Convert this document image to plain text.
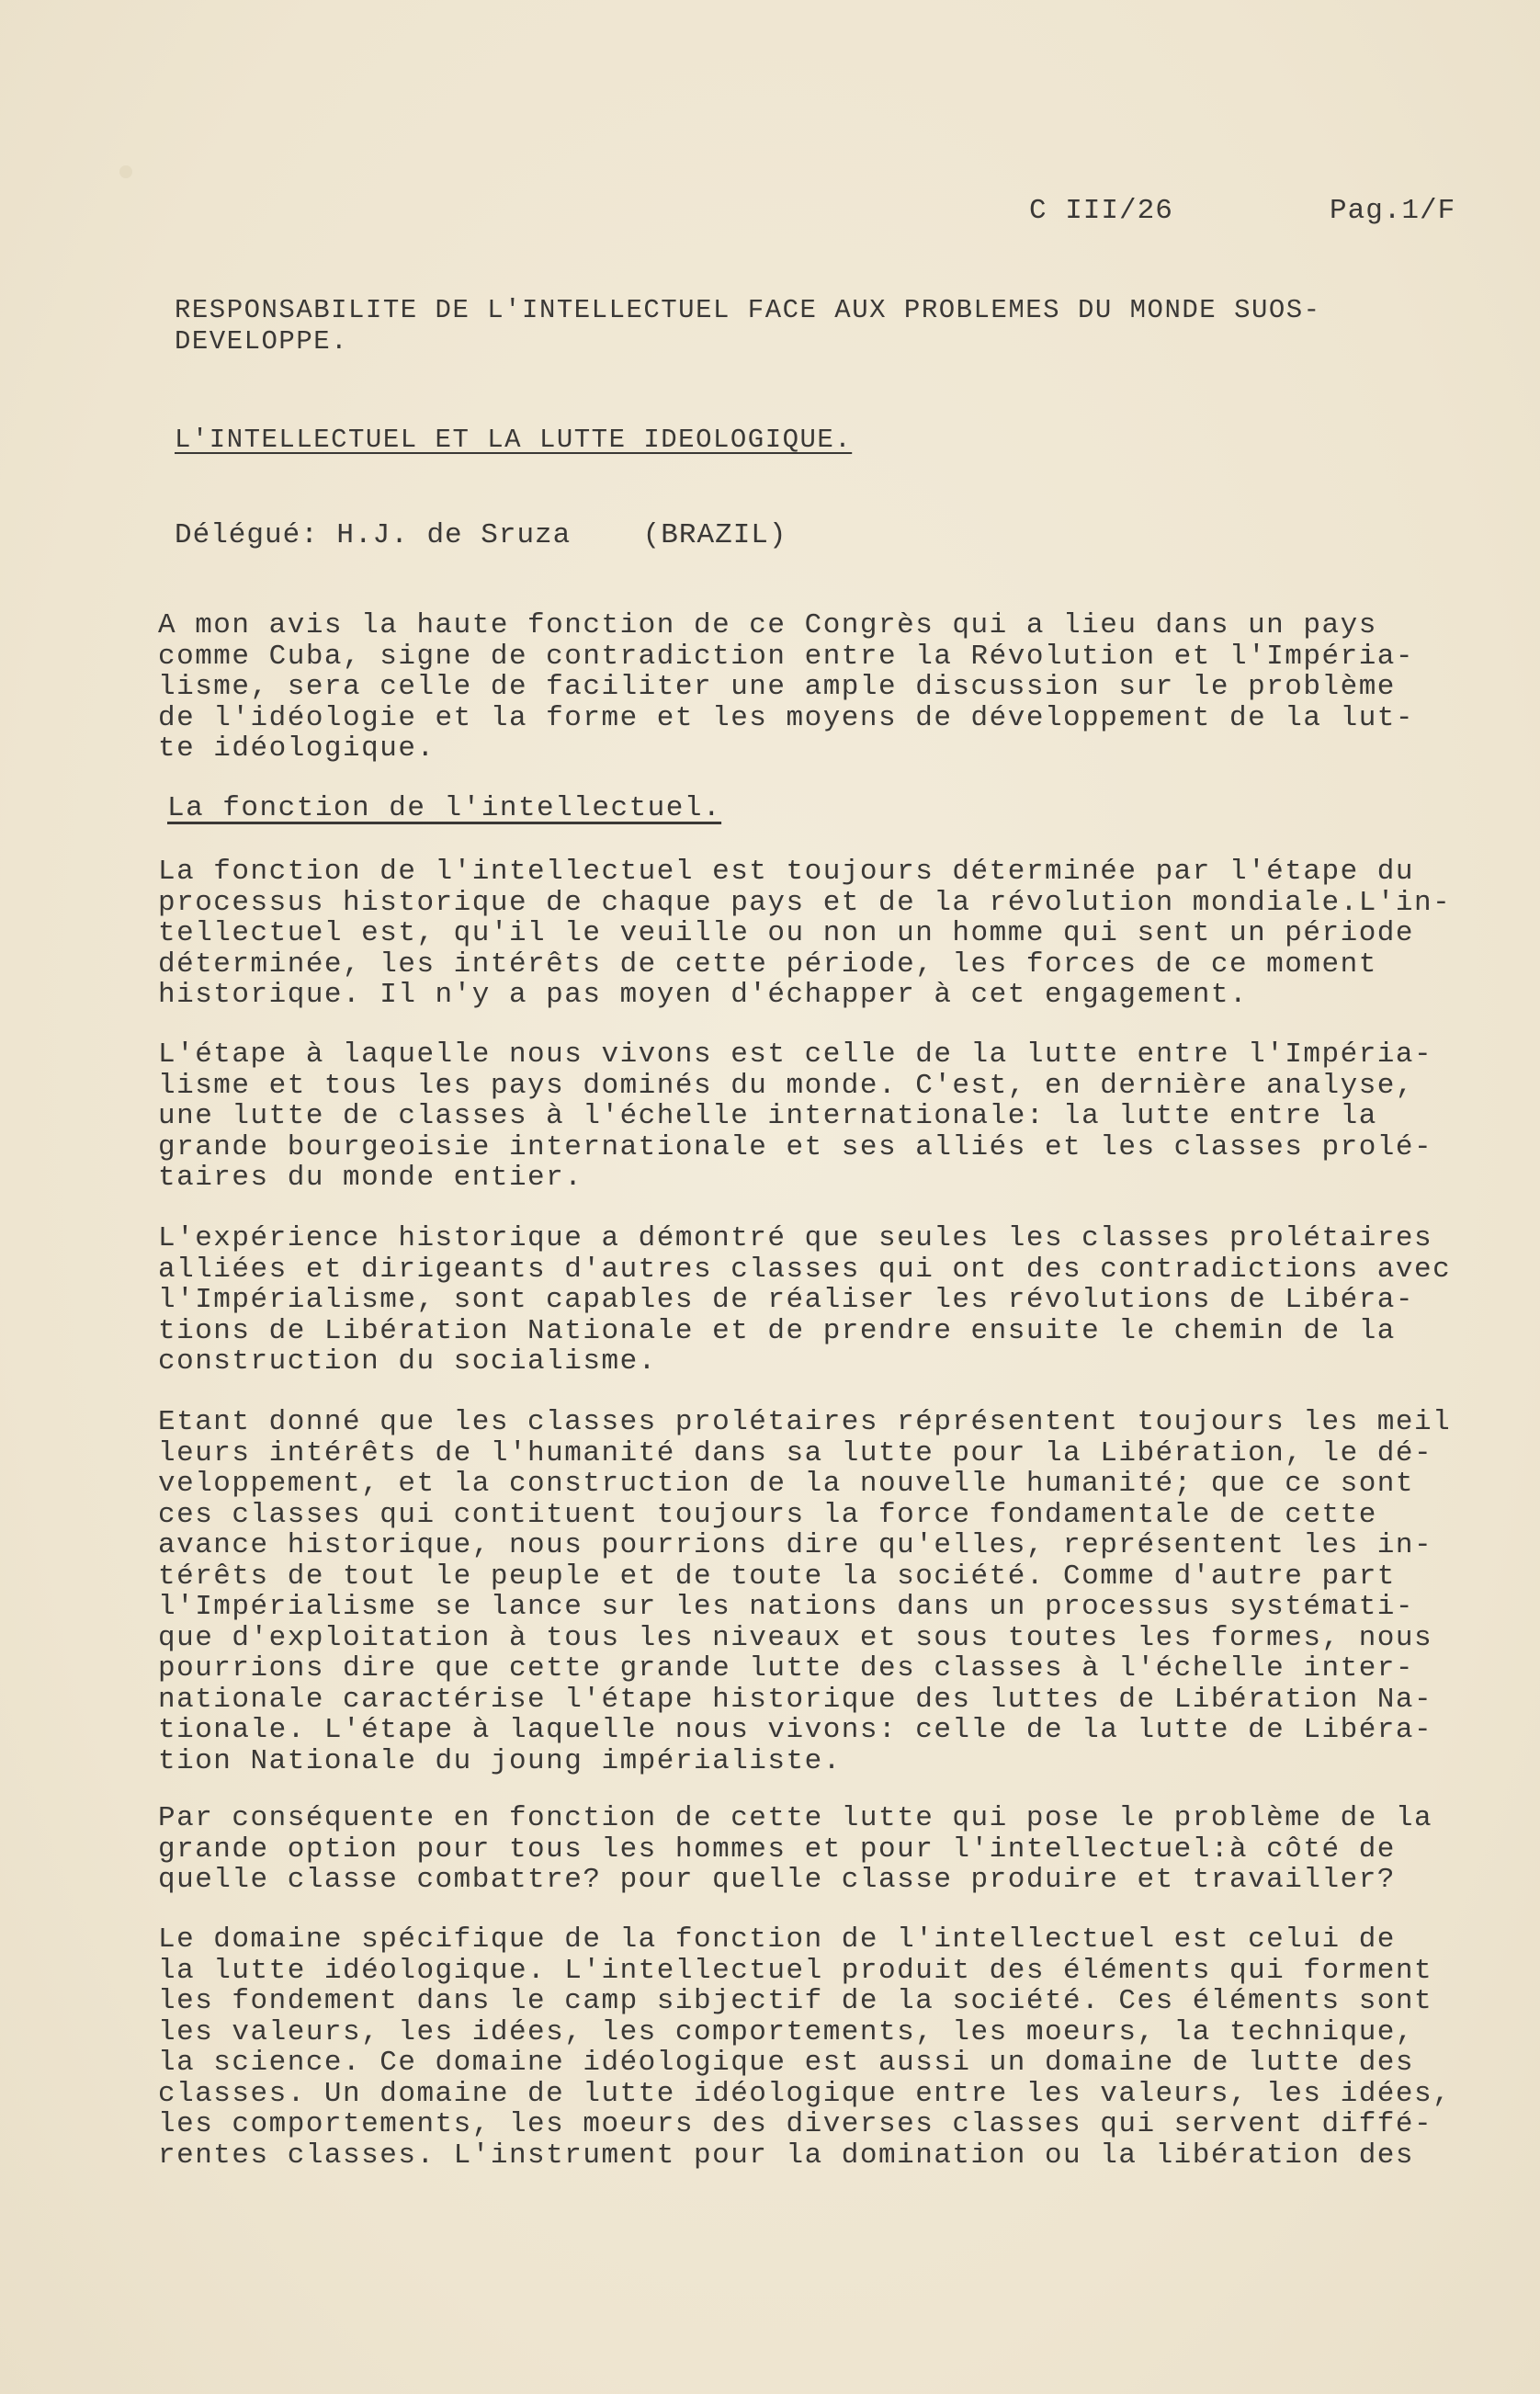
C III/26	Pag.1/F
RESPONSABILITE DE L'INTELLECTUEL FACE AUX PROBLEMES DU MONDE SUOS-
DEVELOPPE.
L'INTELLECTUEL ET LA LUTTE IDEOLOGIQUE.
Délégué: H.J. de Sruza    (BRAZIL)
A mon avis la haute fonction de ce Congrès qui a lieu dans un pays
comme Cuba, signe de contradiction entre la Révolution et l'Impéria-
lisme, sera celle de faciliter une ample discussion sur le problème
de l'idéologie et la forme et les moyens de développement de la lut-
te idéologique.
La fonction de l'intellectuel.
La fonction de l'intellectuel est toujours déterminée par l'étape du
processus historique de chaque pays et de la révolution mondiale.L'in-
tellectuel est, qu'il le veuille ou non un homme qui sent un période
déterminée, les intérêts de cette période, les forces de ce moment
historique. Il n'y a pas moyen d'échapper à cet engagement.
L'étape à laquelle nous vivons est celle de la lutte entre l'Impéria-
lisme et tous les pays dominés du monde. C'est, en dernière analyse,
une lutte de classes à l'échelle internationale: la lutte entre la
grande bourgeoisie internationale et ses alliés et les classes prolé-
taires du monde entier.
L'expérience historique a démontré que seules les classes prolétaires
alliées et dirigeants d'autres classes qui ont des contradictions avec
l'Impérialisme, sont capables de réaliser les révolutions de Libéra-
tions de Libération Nationale et de prendre ensuite le chemin de la
construction du socialisme.
Etant donné que les classes prolétaires réprésentent toujours les meil
leurs intérêts de l'humanité dans sa lutte pour la Libération, le dé-
veloppement, et la construction de la nouvelle humanité; que ce sont
ces classes qui contituent toujours la force fondamentale de cette
avance historique, nous pourrions dire qu'elles, représentent les in-
térêts de tout le peuple et de toute la société. Comme d'autre part
l'Impérialisme se lance sur les nations dans un processus systémati-
que d'exploitation à tous les niveaux et sous toutes les formes, nous
pourrions dire que cette grande lutte des classes à l'échelle inter-
nationale caractérise l'étape historique des luttes de Libération Na-
tionale. L'étape à laquelle nous vivons: celle de la lutte de Libéra-
tion Nationale du joung impérialiste.
Par conséquente en fonction de cette lutte qui pose le problème de la
grande option pour tous les hommes et pour l'intellectuel:à côté de
quelle classe combattre? pour quelle classe produire et travailler?
Le domaine spécifique de la fonction de l'intellectuel est celui de
la lutte idéologique. L'intellectuel produit des éléments qui forment
les fondement dans le camp sibjectif de la société. Ces éléments sont
les valeurs, les idées, les comportements, les moeurs, la technique,
la science. Ce domaine idéologique est aussi un domaine de lutte des
classes. Un domaine de lutte idéologique entre les valeurs, les idées,
les comportements, les moeurs des diverses classes qui servent diffé-
rentes classes. L'instrument pour la domination ou la libération des
